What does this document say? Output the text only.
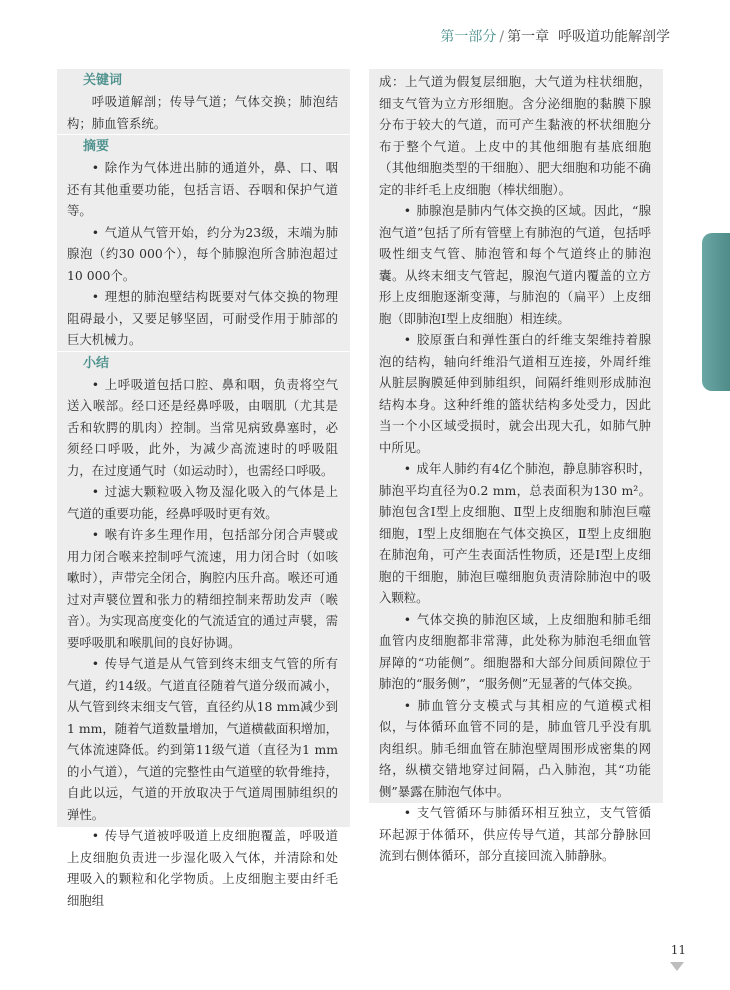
第一部分 / 第一章 呼吸道功能解剖学
关键词

呼吸道解剖；传导气道；气体交换；肺泡结构；肺血管系统。

摘要

• 除作为气体进出肺的通道外，鼻、口、咽还有其他重要功能，包括言语、吞咽和保护气道等。

• 气道从气管开始，约分为23级，末端为肺腺泡（约30 000个），每个肺腺泡所含肺泡超过10 000个。

• 理想的肺泡壁结构既要对气体交换的物理阻碍最小，又要足够坚固，可耐受作用于肺部的巨大机械力。

小结

• 上呼吸道包括口腔、鼻和咽，负责将空气送入喉部。经口还是经鼻呼吸，由咽肌（尤其是舌和软腭的肌肉）控制。当常见病致鼻塞时，必须经口呼吸，此外，为减少高流速时的呼吸阻力，在过度通气时（如运动时），也需经口呼吸。

• 过滤大颗粒吸入物及湿化吸入的气体是上气道的重要功能，经鼻呼吸时更有效。

• 喉有许多生理作用，包括部分闭合声襞或用力闭合喉来控制呼气流速，用力闭合时（如咳嗽时），声带完全闭合，胸腔内压升高。喉还可通过对声襞位置和张力的精细控制来帮助发声（喉音）。为实现高度变化的气流适宜的通过声襞，需要呼吸肌和喉肌间的良好协调。

• 传导气道是从气管到终末细支气管的所有气道，约14级。气道直径随着气道分级而减小，从气管到终末细支气管，直径约从18 mm减少到1 mm，随着气道数量增加，气道横截面积增加，气体流速降低。约到第11级气道（直径为1 mm的小气道），气道的完整性由气道壁的软骨维持，自此以远，气道的开放取决于气道周围肺组织的弹性。

• 传导气道被呼吸道上皮细胞覆盖，呼吸道上皮细胞负责进一步湿化吸入气体，并清除和处理吸入的颗粒和化学物质。上皮细胞主要由纤毛细胞组

成：上气道为假复层细胞，大气道为柱状细胞，细支气管为立方形细胞。含分泌细胞的黏膜下腺分布于较大的气道，而可产生黏液的杯状细胞分布于整个气道。上皮中的其他细胞有基底细胞（其他细胞类型的干细胞）、肥大细胞和功能不确定的非纤毛上皮细胞（棒状细胞）。

• 肺腺泡是肺内气体交换的区域。因此，“腺泡气道”包括了所有管壁上有肺泡的气道，包括呼吸性细支气管、肺泡管和每个气道终止的肺泡囊。从终末细支气管起，腺泡气道内覆盖的立方形上皮细胞逐渐变薄，与肺泡的（扁平）上皮细胞（即肺泡Ⅰ型上皮细胞）相连续。

• 胶原蛋白和弹性蛋白的纤维支架维持着腺泡的结构，轴向纤维沿气道相互连接，外周纤维从脏层胸膜延伸到肺组织，间隔纤维则形成肺泡结构本身。这种纤维的篮状结构多处受力，因此当一个小区域受损时，就会出现大孔，如肺气肿中所见。

• 成年人肺约有4亿个肺泡，静息肺容积时，肺泡平均直径为0.2 mm，总表面积为130 m²。肺泡包含Ⅰ型上皮细胞、Ⅱ型上皮细胞和肺泡巨噬细胞，Ⅰ型上皮细胞在气体交换区，Ⅱ型上皮细胞在肺泡角，可产生表面活性物质，还是Ⅰ型上皮细胞的干细胞，肺泡巨噬细胞负责清除肺泡中的吸入颗粒。

• 气体交换的肺泡区域，上皮细胞和肺毛细血管内皮细胞都非常薄，此处称为肺泡毛细血管屏障的“功能侧”。细胞器和大部分间质间隙位于肺泡的“服务侧”，“服务侧”无显著的气体交换。

• 肺血管分支模式与其相应的气道模式相似，与体循环血管不同的是，肺血管几乎没有肌肉组织。肺毛细血管在肺泡壁周围形成密集的网络，纵横交错地穿过间隔，凸入肺泡，其“功能侧”暴露在肺泡气体中。

• 支气管循环与肺循环相互独立，支气管循环起源于体循环，供应传导气道，其部分静脉回流到右侧体循环，部分直接回流入肺静脉。

11
